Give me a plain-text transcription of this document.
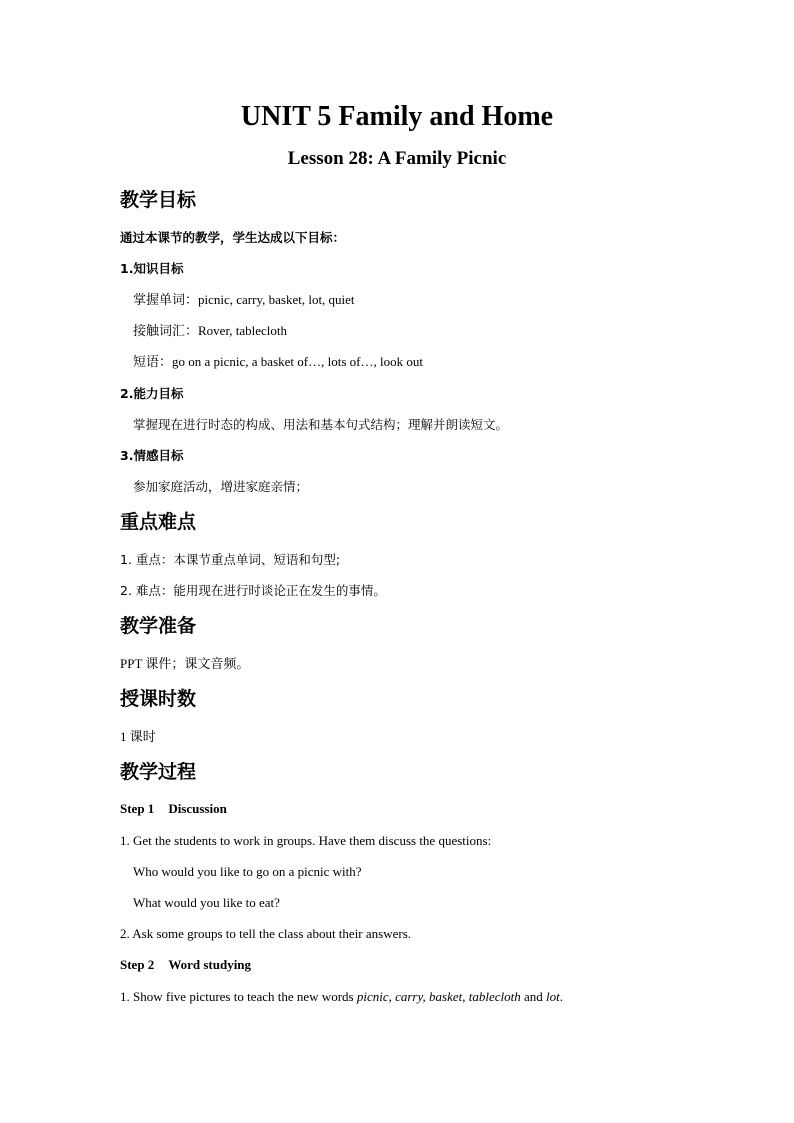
UNIT 5 Family and Home
Lesson 28: A Family Picnic
教学目标
通过本课节的教学，学生达成以下目标：
1.知识目标
掌握单词：picnic, carry, basket, lot, quiet
接触词汇：Rover, tablecloth
短语：go on a picnic, a basket of…, lots of…, look out
2.能力目标
掌握现在进行时态的构成、用法和基本句式结构；理解并朗读短文。
3.情感目标
参加家庭活动，增进家庭亲情；
重点难点
1. 重点：本课节重点单词、短语和句型;
2. 难点：能用现在进行时谈论正在发生的事情。
教学准备
PPT 课件；课文音频。
授课时数
1 课时
教学过程
Step 1 Discussion
1. Get the students to work in groups. Have them discuss the questions:
Who would you like to go on a picnic with?
What would you like to eat?
2. Ask some groups to tell the class about their answers.
Step 2 Word studying
1. Show five pictures to teach the new words picnic, carry, basket, tablecloth and lot.
